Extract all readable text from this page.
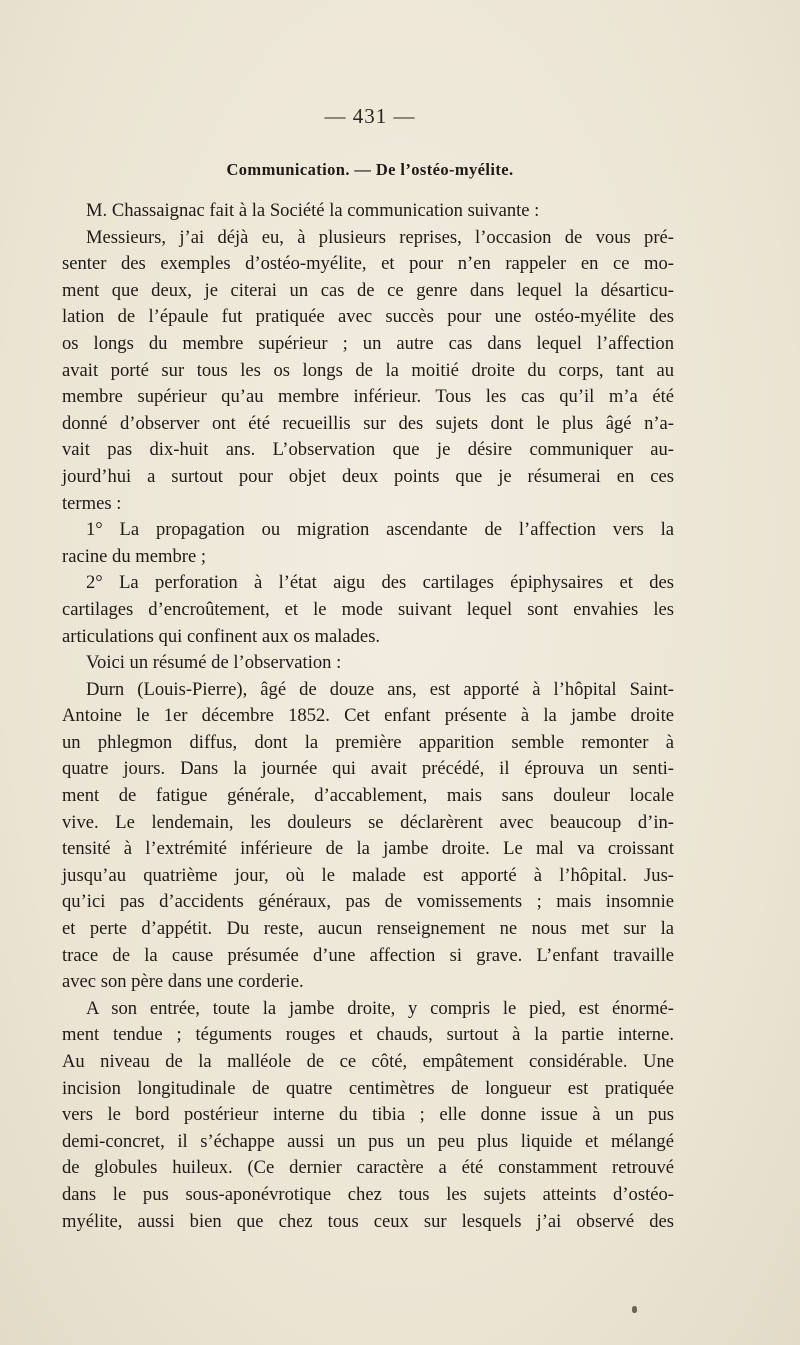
— 431 —
Communication. — De l’ostéo-myélite.
M. Chassaignac fait à la Société la communication suivante :
Messieurs, j’ai déjà eu, à plusieurs reprises, l’occasion de vous pré-
senter des exemples d’ostéo-myélite, et pour n’en rappeler en ce mo-
ment que deux, je citerai un cas de ce genre dans lequel la désarticu-
lation de l’épaule fut pratiquée avec succès pour une ostéo-myélite des
os longs du membre supérieur ; un autre cas dans lequel l’affection
avait porté sur tous les os longs de la moitié droite du corps, tant au
membre supérieur qu’au membre inférieur. Tous les cas qu’il m’a été
donné d’observer ont été recueillis sur des sujets dont le plus âgé n’a-
vait pas dix-huit ans. L’observation que je désire communiquer au-
jourd’hui a surtout pour objet deux points que je résumerai en ces
termes :
1° La propagation ou migration ascendante de l’affection vers la
racine du membre ;
2° La perforation à l’état aigu des cartilages épiphysaires et des
cartilages d’encroûtement, et le mode suivant lequel sont envahies les
articulations qui confinent aux os malades.
Voici un résumé de l’observation :
Durn (Louis-Pierre), âgé de douze ans, est apporté à l’hôpital Saint-
Antoine le 1er décembre 1852. Cet enfant présente à la jambe droite
un phlegmon diffus, dont la première apparition semble remonter à
quatre jours. Dans la journée qui avait précédé, il éprouva un senti-
ment de fatigue générale, d’accablement, mais sans douleur locale
vive. Le lendemain, les douleurs se déclarèrent avec beaucoup d’in-
tensité à l’extrémité inférieure de la jambe droite. Le mal va croissant
jusqu’au quatrième jour, où le malade est apporté à l’hôpital. Jus-
qu’ici pas d’accidents généraux, pas de vomissements ; mais insomnie
et perte d’appétit. Du reste, aucun renseignement ne nous met sur la
trace de la cause présumée d’une affection si grave. L’enfant travaille
avec son père dans une corderie.
A son entrée, toute la jambe droite, y compris le pied, est énormé-
ment tendue ; téguments rouges et chauds, surtout à la partie interne.
Au niveau de la malléole de ce côté, empâtement considérable. Une
incision longitudinale de quatre centimètres de longueur est pratiquée
vers le bord postérieur interne du tibia ; elle donne issue à un pus
demi-concret, il s’échappe aussi un pus un peu plus liquide et mélangé
de globules huileux. (Ce dernier caractère a été constamment retrouvé
dans le pus sous-aponévrotique chez tous les sujets atteints d’ostéo-
myélite, aussi bien que chez tous ceux sur lesquels j’ai observé des
